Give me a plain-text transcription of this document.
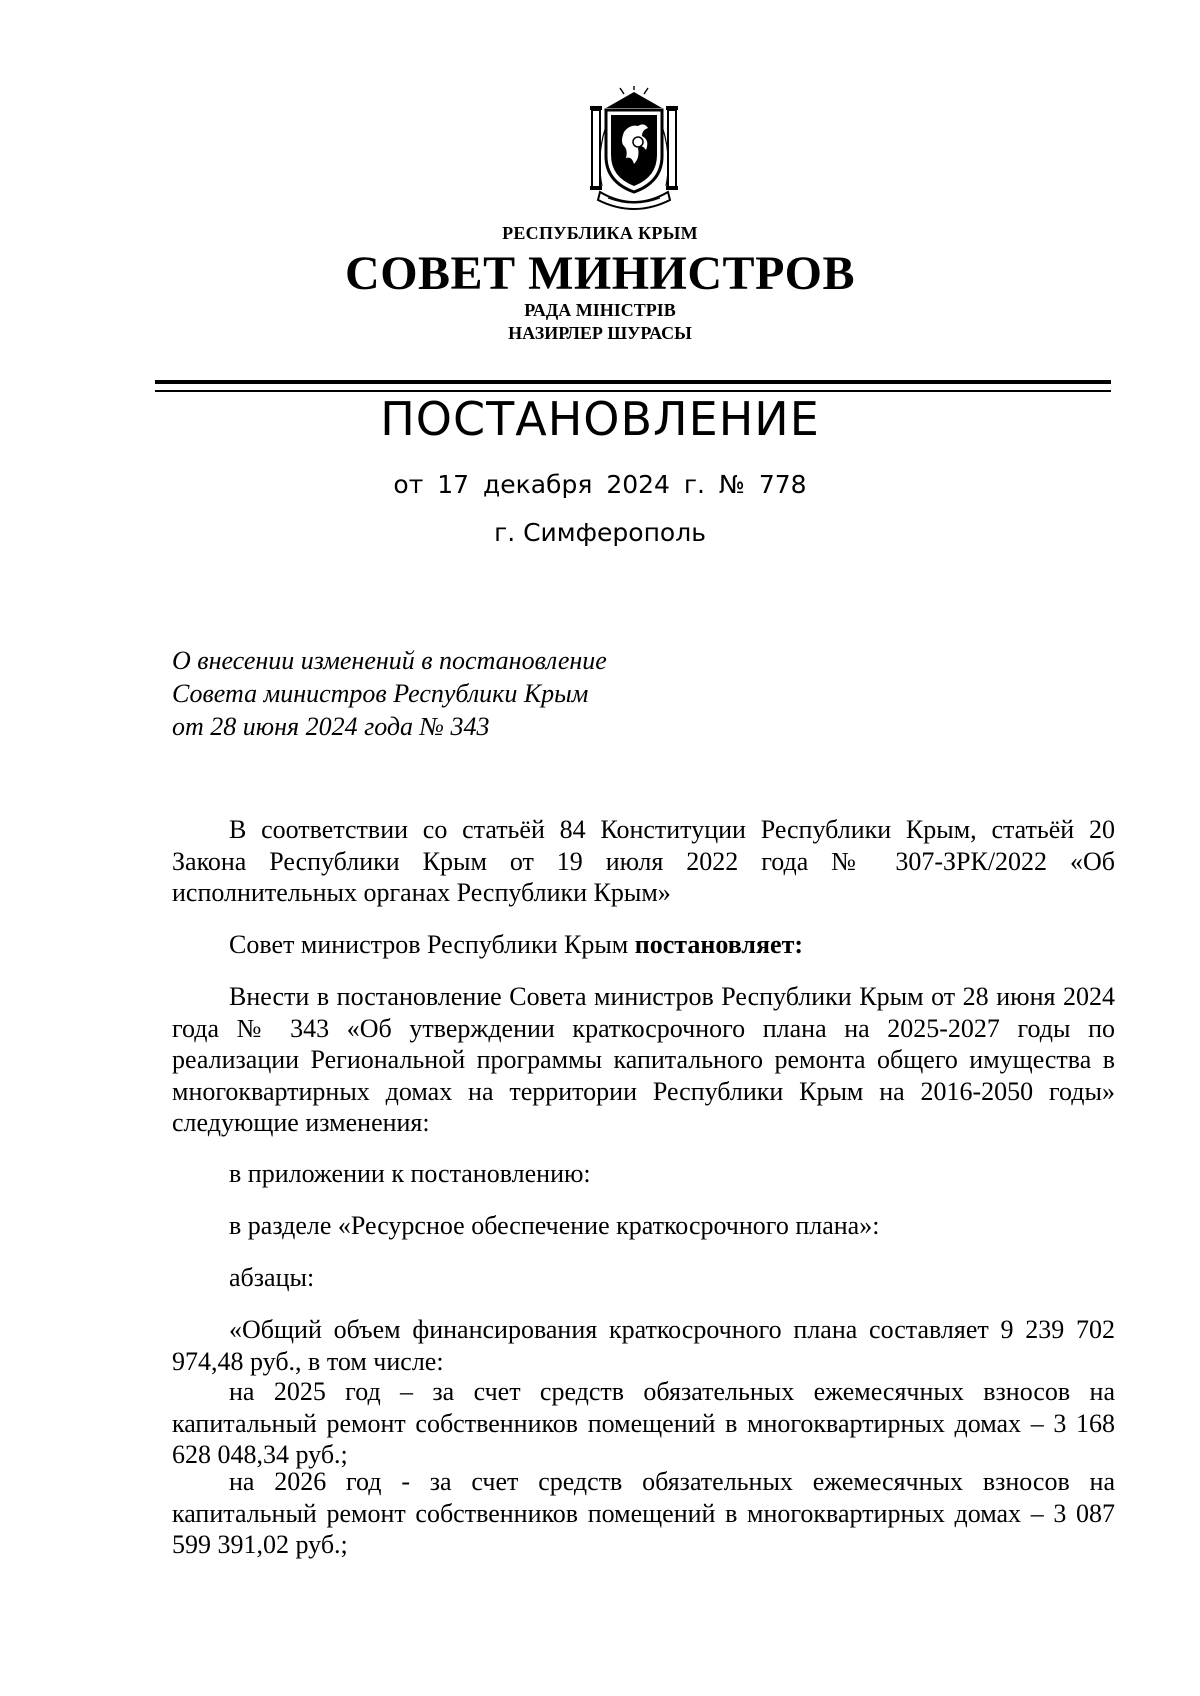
РЕСПУБЛИКА КРЫМ
СОВЕТ МИНИСТРОВ
РАДА МІНІСТРІВ
НАЗИРЛЕР ШУРАСЫ
ПОСТАНОВЛЕНИЕ
от 17 декабря 2024 г. № 778
г. Симферополь
О внесении изменений в постановление
Совета министров Республики Крым
от 28 июня 2024 года № 343

В соответствии со статьёй 84 Конституции Республики Крым, статьёй 20 Закона Республики Крым от 19 июля 2022 года № 307-ЗРК/2022 «Об исполнительных органах Республики Крым»

Совет министров Республики Крым постановляет:

Внести в постановление Совета министров Республики Крым от 28 июня 2024 года № 343 «Об утверждении краткосрочного плана на 2025-2027 годы по реализации Региональной программы капитального ремонта общего имущества в многоквартирных домах на территории Республики Крым на 2016-2050 годы» следующие изменения:

в приложении к постановлению:

в разделе «Ресурсное обеспечение краткосрочного плана»:

абзацы:

«Общий объем финансирования краткосрочного плана составляет 9 239 702 974,48 руб., в том числе:

на 2025 год – за счет средств обязательных ежемесячных взносов на капитальный ремонт собственников помещений в многоквартирных домах – 3 168 628 048,34 руб.;

на 2026 год - за счет средств обязательных ежемесячных взносов на капитальный ремонт собственников помещений в многоквартирных домах – 3 087 599 391,02 руб.;
